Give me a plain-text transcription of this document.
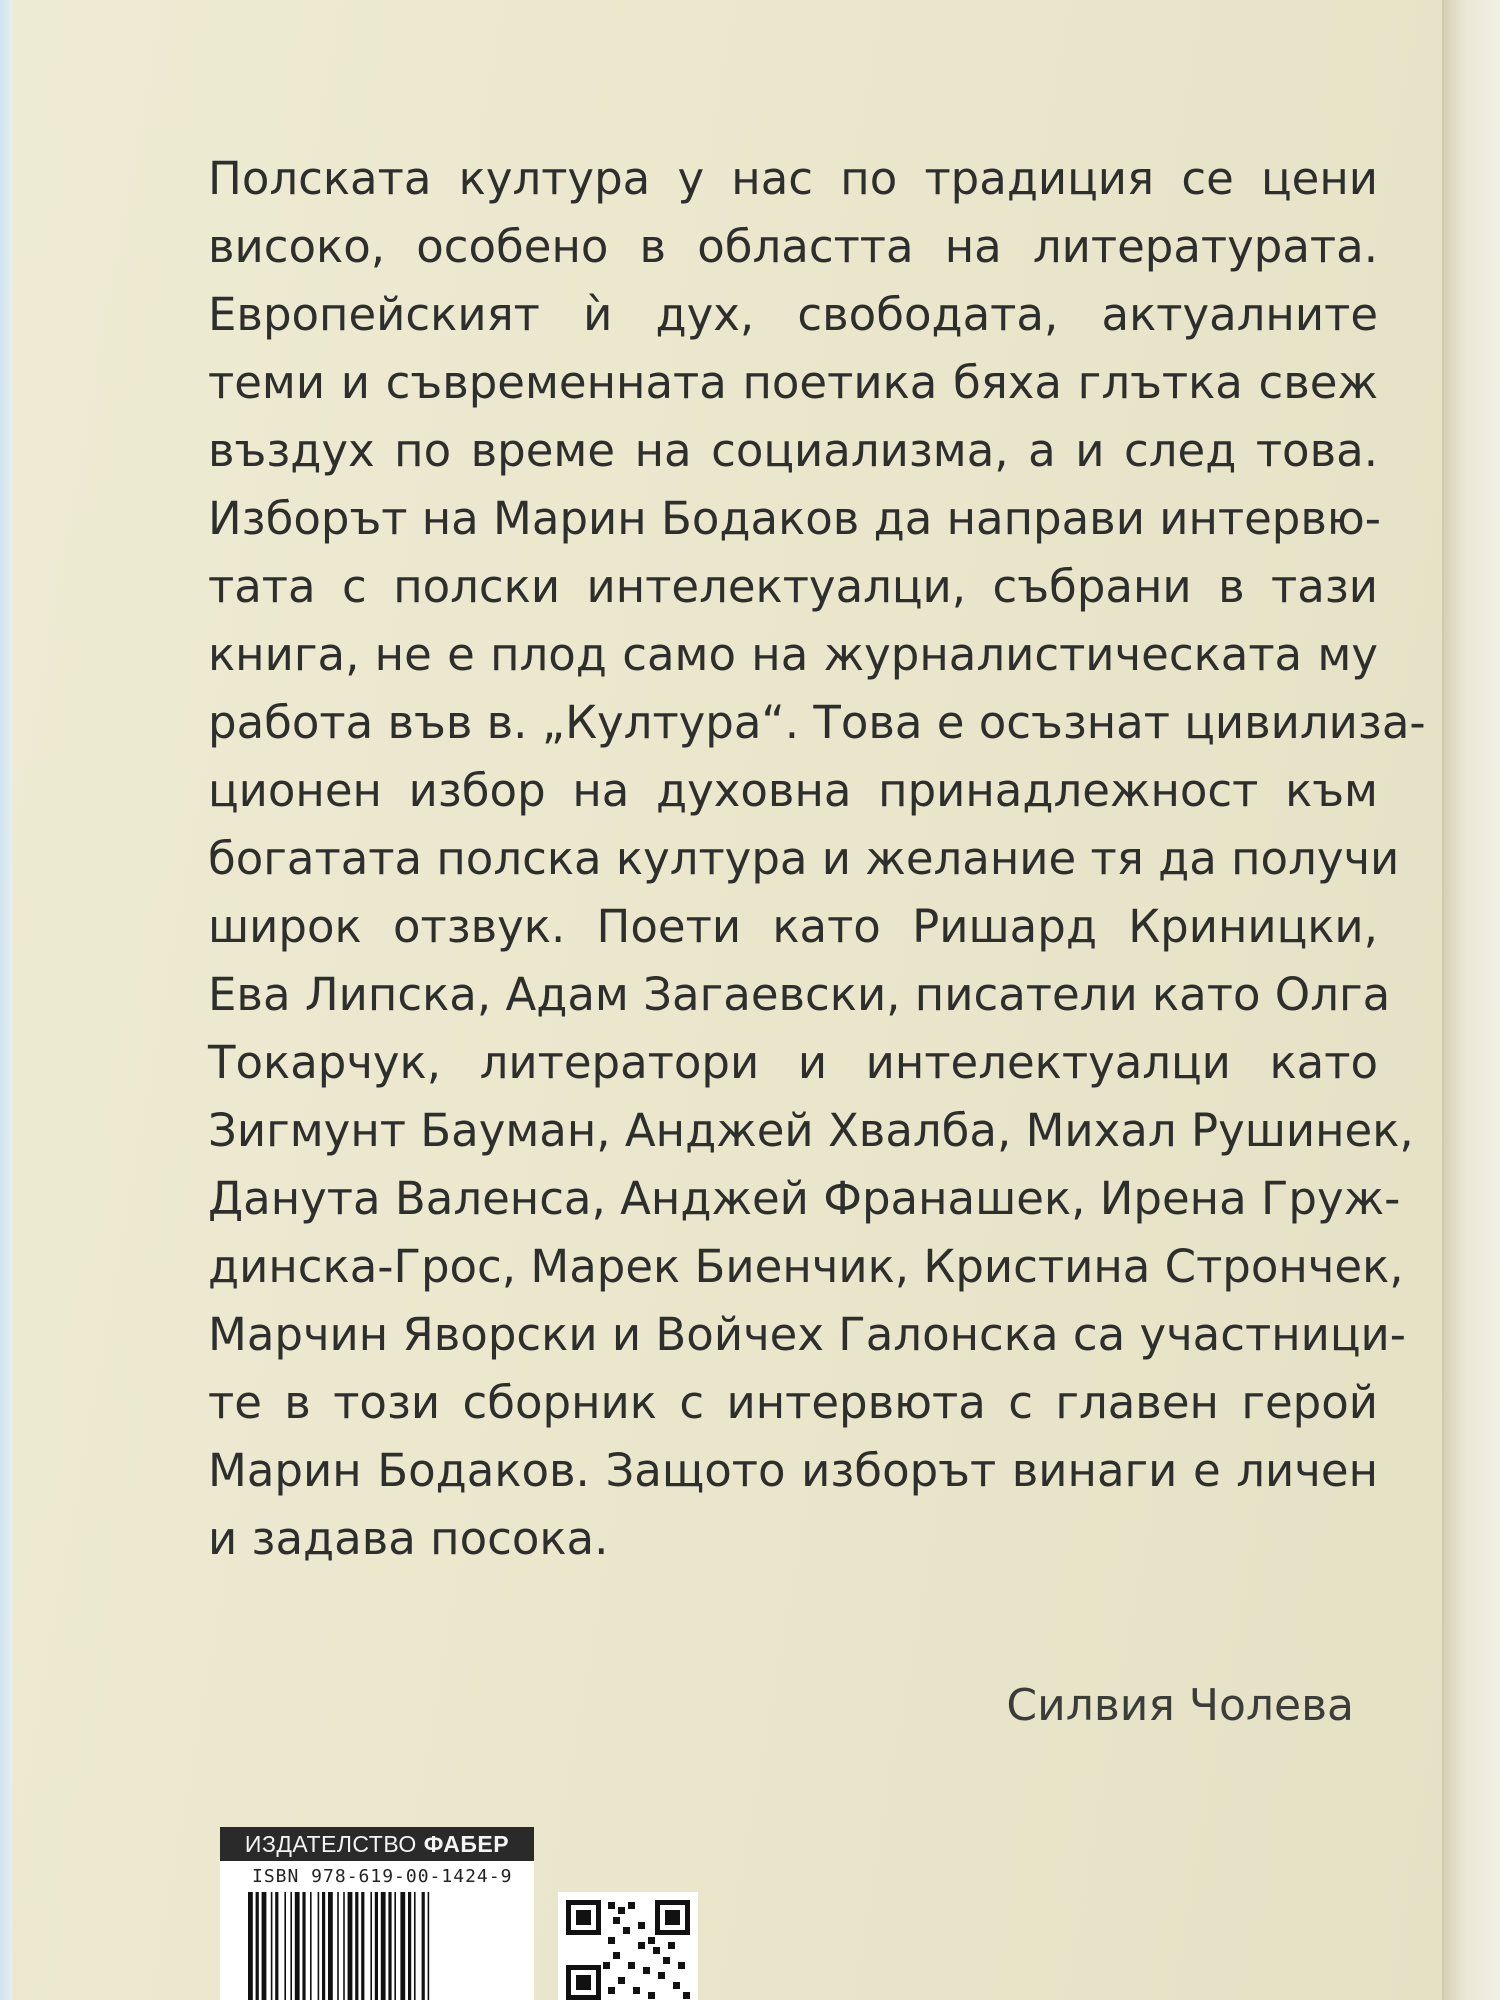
Полската култура у нас по традиция се цени
високо, особено в областта на литературата.
Европейският ѝ дух, свободата, актуалните
теми и съвременната поетика бяха глътка свеж
въздух по време на социализма, а и след това.
Изборът на Марин Бодаков да направи интервю-
тата с полски интелектуалци, събрани в тази
книга, не е плод само на журналистическата му
работа във в. „Култура“. Това е осъзнат цивилиза-
ционен избор на духовна принадлежност към
богатата полска култура и желание тя да получи
широк отзвук. Поети като Ришард Криницки,
Ева Липска, Адам Загаевски, писатели като Олга
Токарчук, литератори и интелектуалци като
Зигмунт Бауман, Анджей Хвалба, Михал Рушинек,
Данута Валенса, Анджей Франашек, Ирена Груж-
динска-Грос, Марек Биенчик, Кристина Стрончек,
Марчин Яворски и Войчех Галонска са участници-
те в този сборник с интервюта с главен герой
Марин Бодаков. Защото изборът винаги е личен
и задава посока.
Силвия Чолева
ИЗДАТЕЛСТВО ФАБЕР
ISBN 978-619-00-1424-9
